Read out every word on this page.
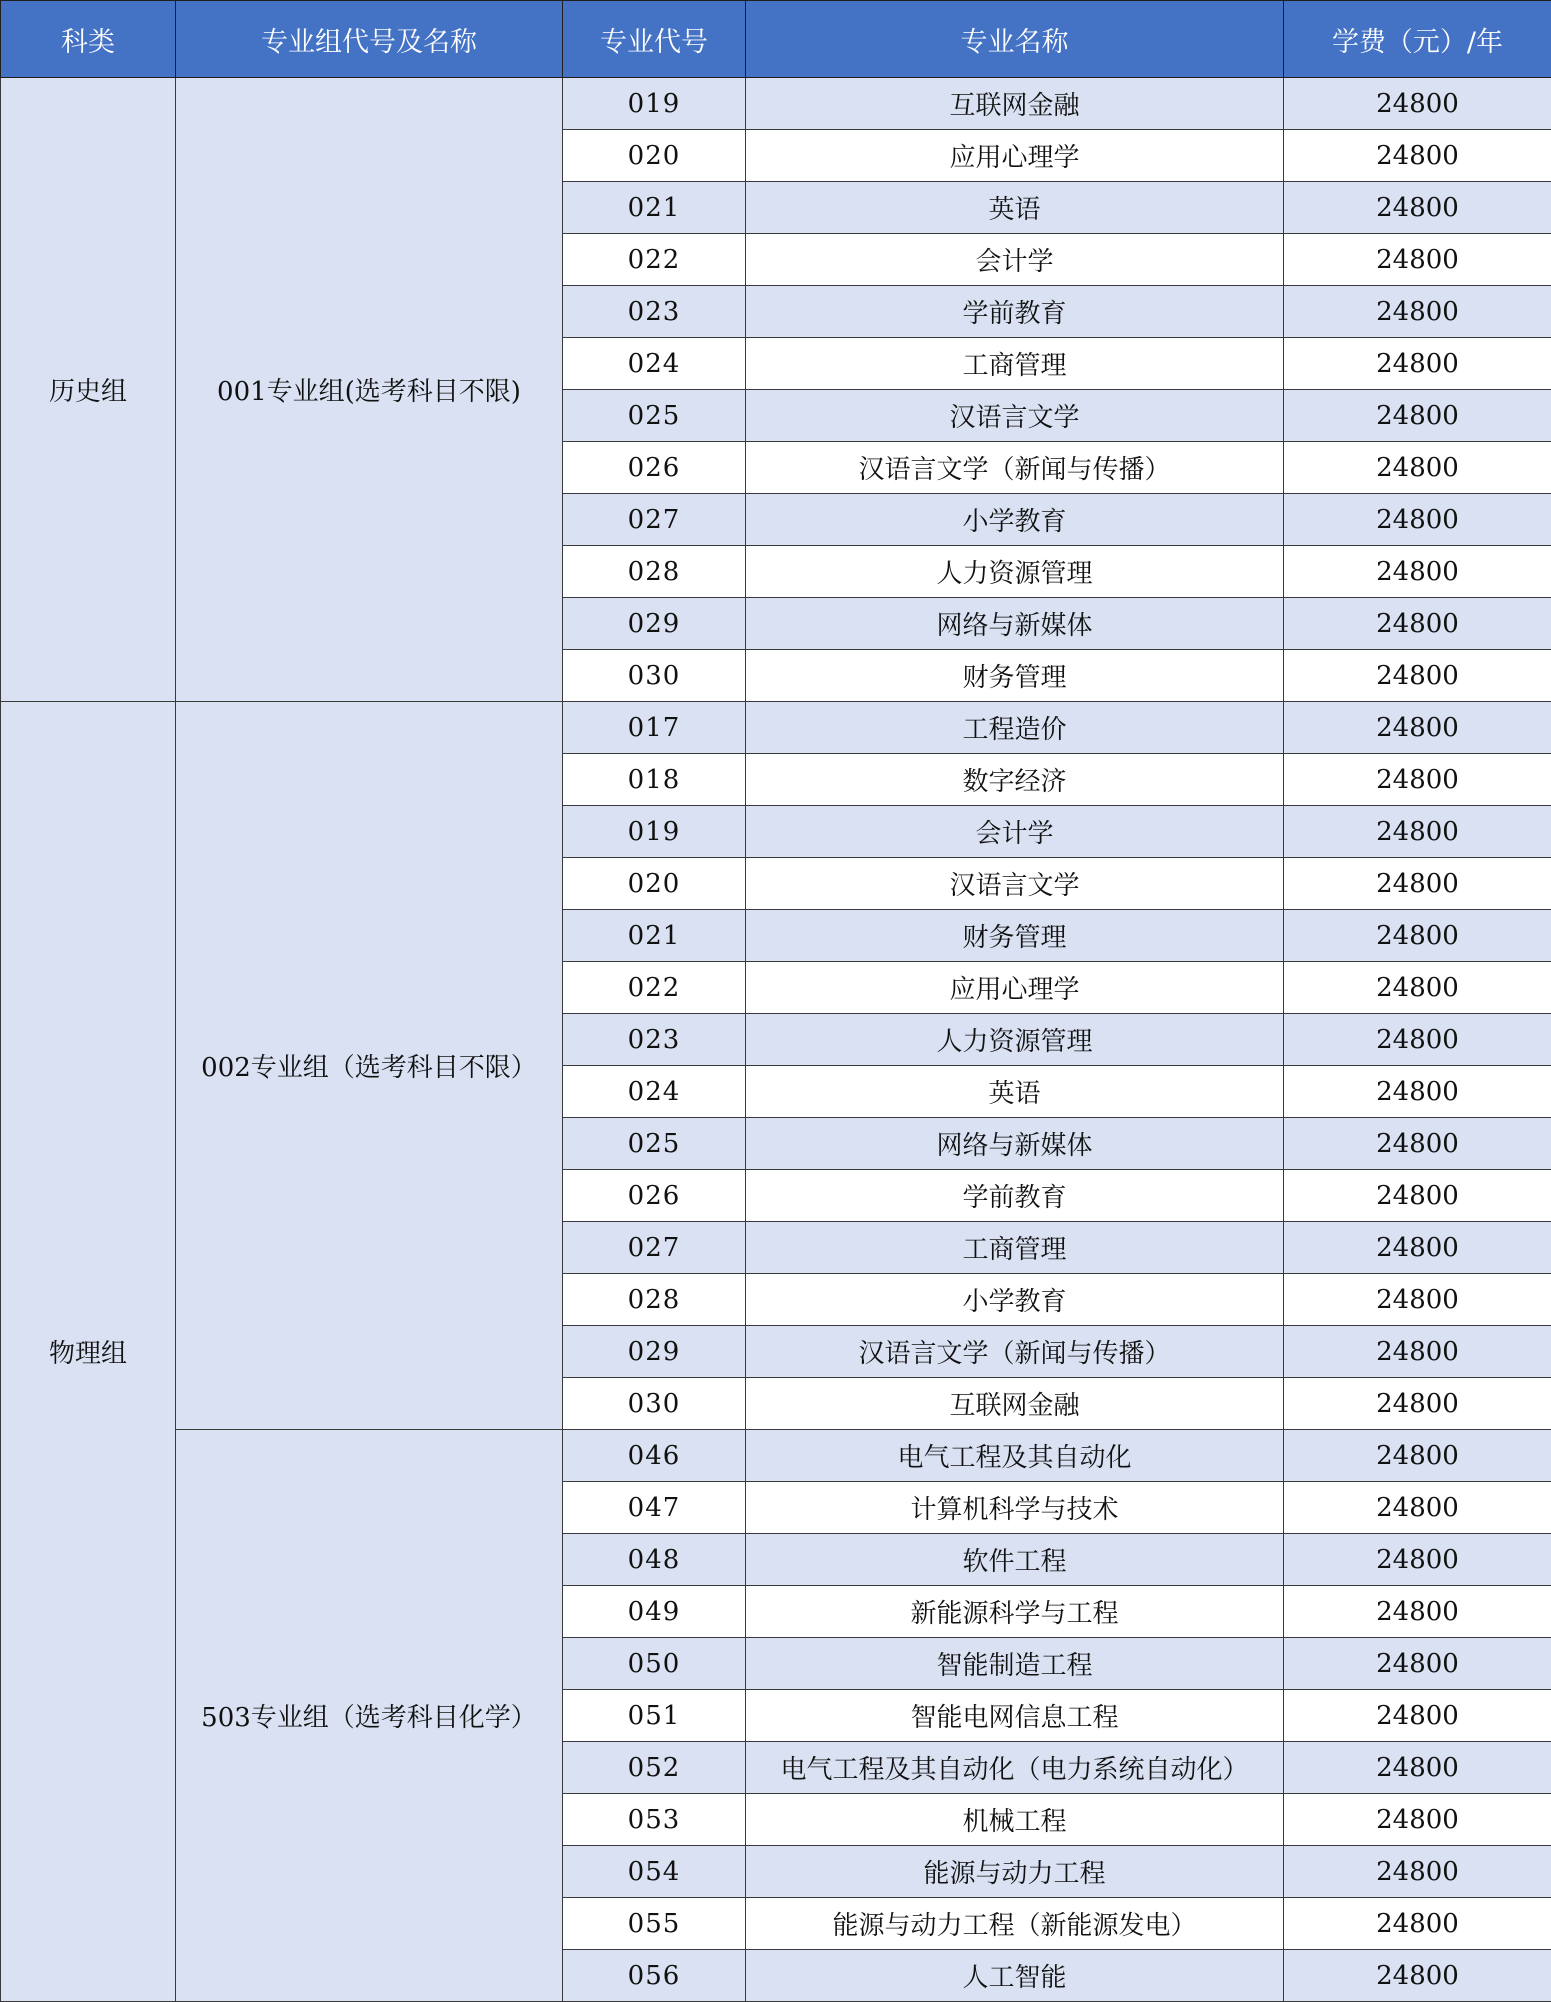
科类	专业组代号及名称	专业代号	专业名称	学费（元）/年
历史组	001专业组(选考科目不限)	019	互联网金融	24800
		020	应用心理学	24800
		021	英语	24800
		022	会计学	24800
		023	学前教育	24800
		024	工商管理	24800
		025	汉语言文学	24800
		026	汉语言文学（新闻与传播）	24800
		027	小学教育	24800
		028	人力资源管理	24800
		029	网络与新媒体	24800
		030	财务管理	24800
物理组	002专业组（选考科目不限）	017	工程造价	24800
		018	数字经济	24800
		019	会计学	24800
		020	汉语言文学	24800
		021	财务管理	24800
		022	应用心理学	24800
		023	人力资源管理	24800
		024	英语	24800
		025	网络与新媒体	24800
		026	学前教育	24800
		027	工商管理	24800
		028	小学教育	24800
		029	汉语言文学（新闻与传播）	24800
		030	互联网金融	24800
	503专业组（选考科目化学）	046	电气工程及其自动化	24800
		047	计算机科学与技术	24800
		048	软件工程	24800
		049	新能源科学与工程	24800
		050	智能制造工程	24800
		051	智能电网信息工程	24800
		052	电气工程及其自动化（电力系统自动化）	24800
		053	机械工程	24800
		054	能源与动力工程	24800
		055	能源与动力工程（新能源发电）	24800
		056	人工智能	24800
